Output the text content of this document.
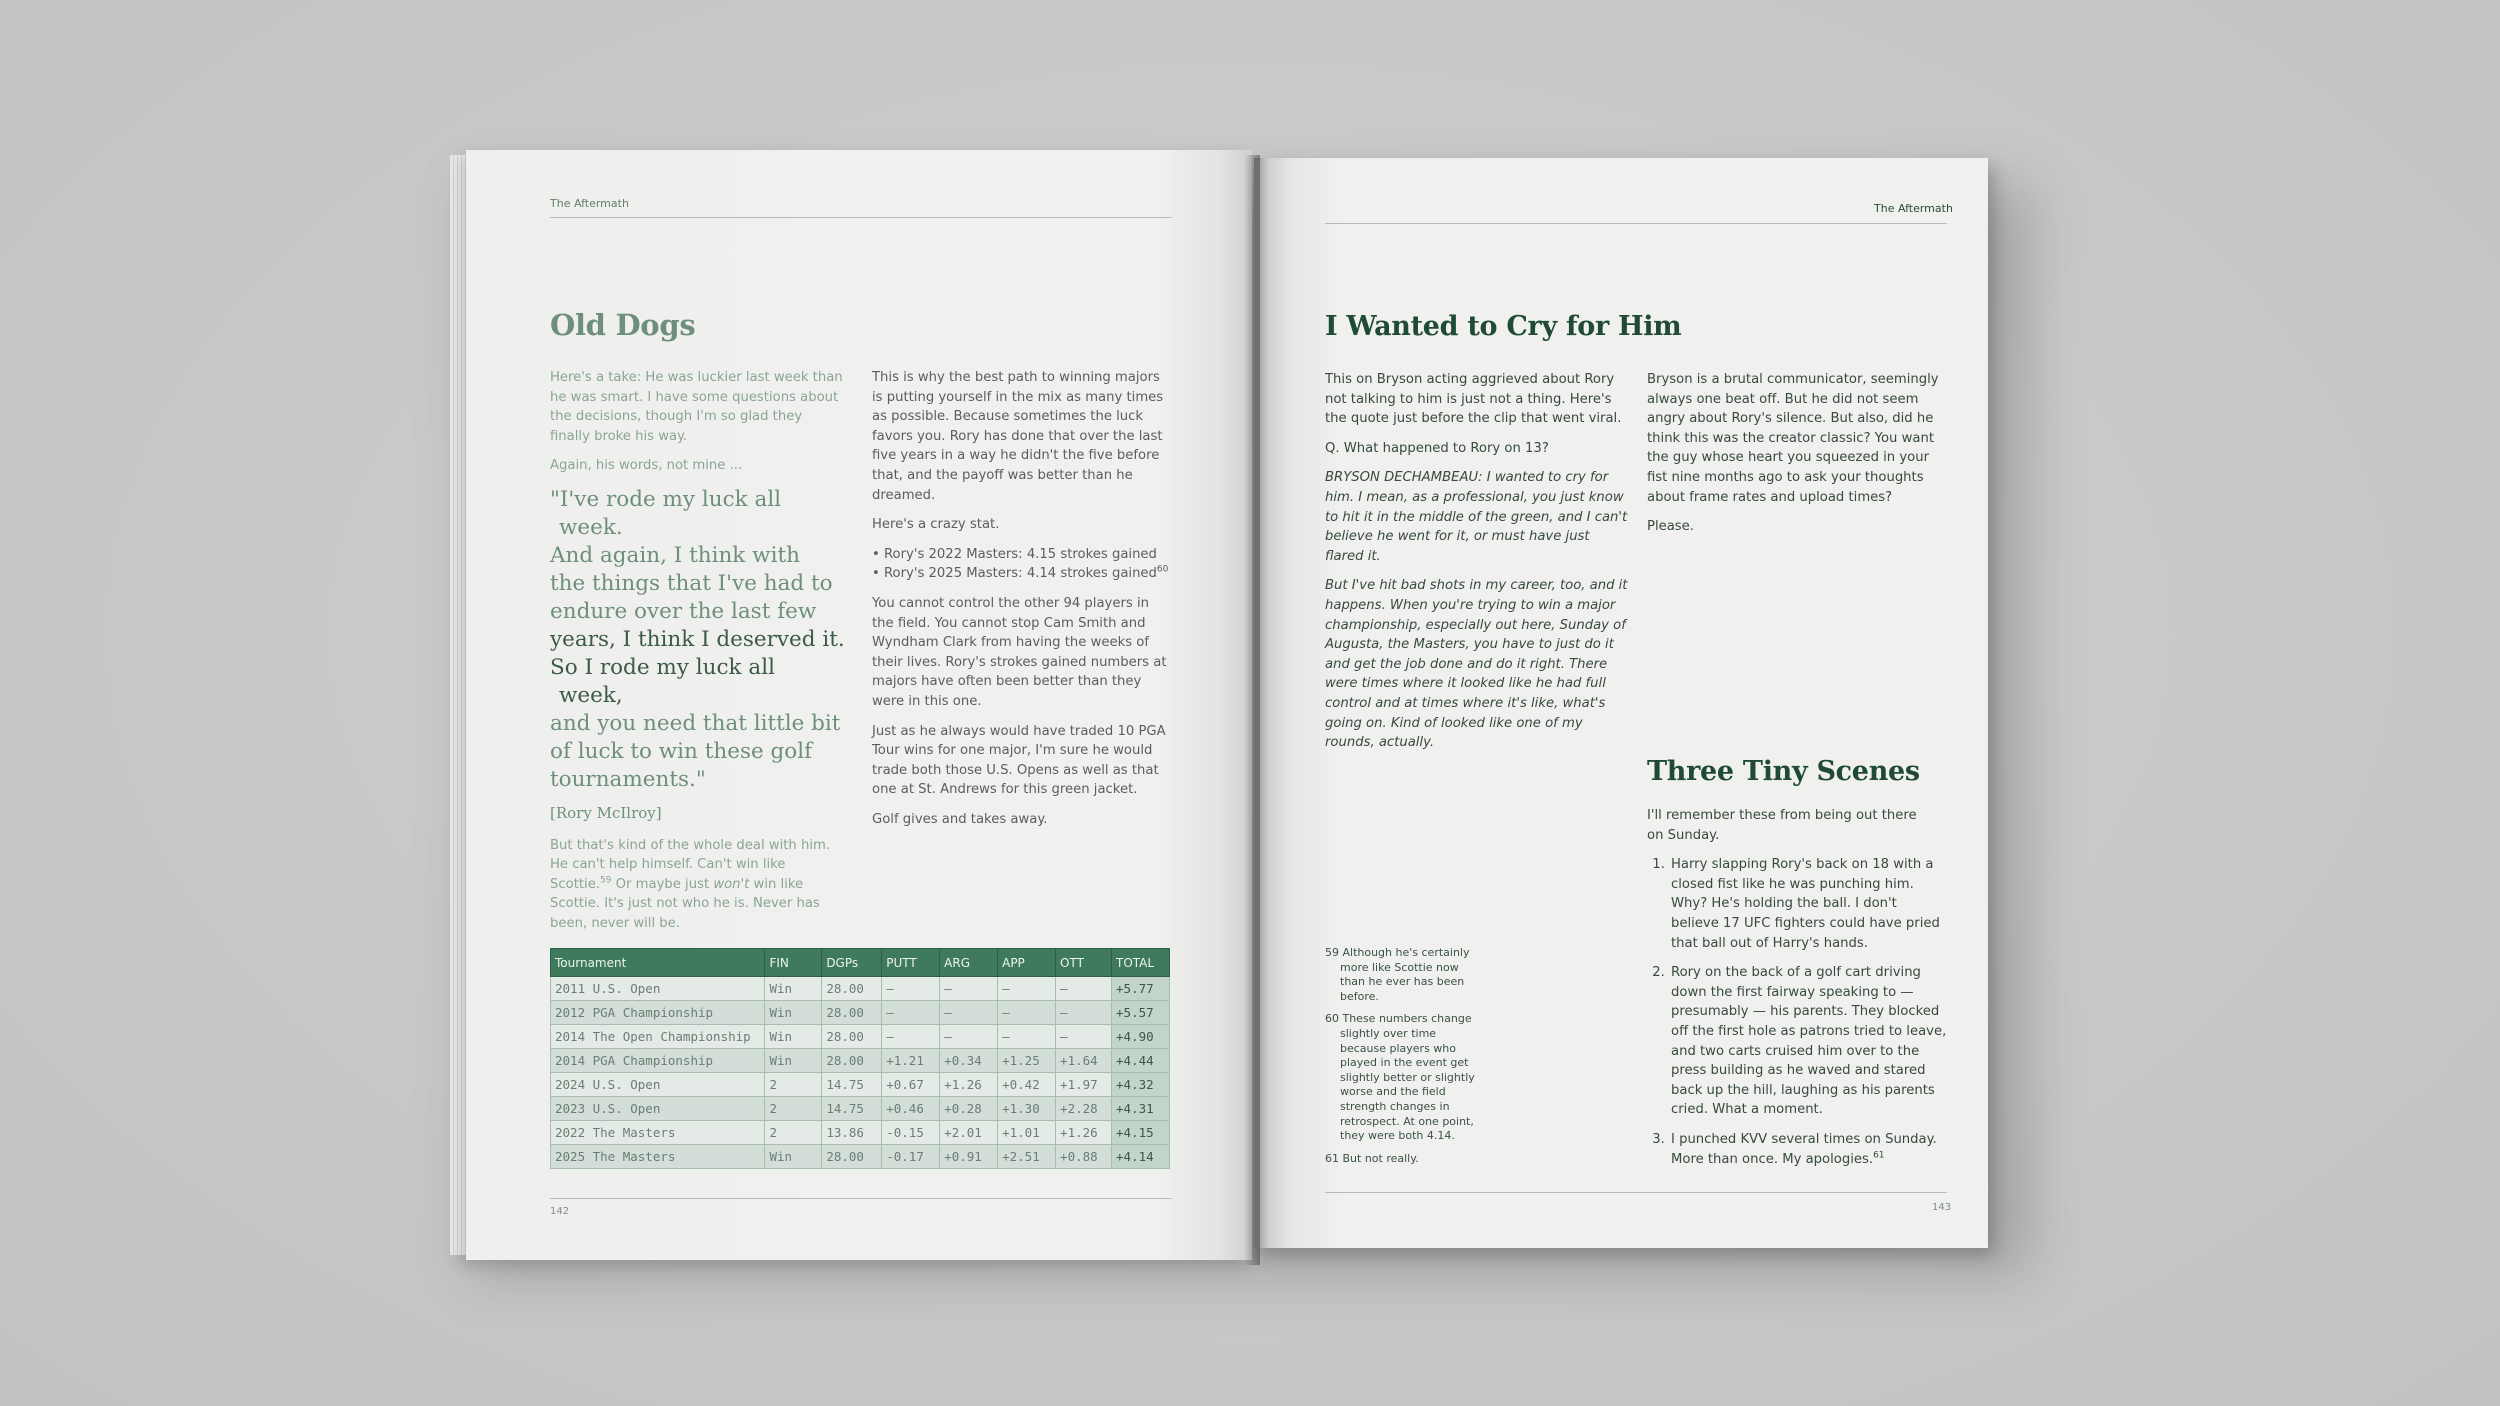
The Aftermath
Old Dogs

Here's a take: He was luckier last week than he was smart. I have some questions about the decisions, though I'm so glad they finally broke his way.

Again, his words, not mine ...

"I've rode my luck all week.
And again, I think with
the things that I've had to
endure over the last few
years, I think I deserved it.
So I rode my luck all week,
and you need that little bit
of luck to win these golf
tournaments."

[Rory McIlroy]

But that's kind of the whole deal with him. He can't help himself. Can't win like Scottie.$^{59}$ Or maybe just won't win like Scottie. It's just not who he is. Never has been, never will be.

This is why the best path to winning majors is putting yourself in the mix as many times as possible. Because sometimes the luck favors you. Rory has done that over the last five years in a way he didn't the five before that, and the payoff was better than he dreamed.

Here's a crazy stat.

• Rory's 2022 Masters: 4.15 strokes gained

• Rory's 2025 Masters: 4.14 strokes gained$^{60}$

You cannot control the other 94 players in the field. You cannot stop Cam Smith and Wyndham Clark from having the weeks of their lives. Rory's strokes gained numbers at majors have often been better than they were in this one.

Just as he always would have traded 10 PGA Tour wins for one major, I'm sure he would trade both those U.S. Opens as well as that one at St. Andrews for this green jacket.

Golf gives and takes away.

Tournament	FIN	DGPs	PUTT	ARG	APP	OTT	TOTAL
2011 U.S. Open	Win	28.00	–	–	–	–	+5.77
2012 PGA Championship	Win	28.00	–	–	–	–	+5.57
2014 The Open Championship	Win	28.00	–	–	–	–	+4.90
2014 PGA Championship	Win	28.00	+1.21	+0.34	+1.25	+1.64	+4.44
2024 U.S. Open	2	14.75	+0.67	+1.26	+0.42	+1.97	+4.32
2023 U.S. Open	2	14.75	+0.46	+0.28	+1.30	+2.28	+4.31
2022 The Masters	2	13.86	-0.15	+2.01	+1.01	+1.26	+4.15
2025 The Masters	Win	28.00	-0.17	+0.91	+2.51	+0.88	+4.14
142
The Aftermath
I Wanted to Cry for Him

This on Bryson acting aggrieved about Rory not talking to him is just not a thing. Here's the quote just before the clip that went viral.

Q. What happened to Rory on 13?

BRYSON DECHAMBEAU: I wanted to cry for him. I mean, as a professional, you just know to hit it in the middle of the green, and I can't believe he went for it, or must have just flared it.

But I've hit bad shots in my career, too, and it happens. When you're trying to win a major championship, especially out here, Sunday of Augusta, the Masters, you have to just do it and get the job done and do it right. There were times where it looked like he had full control and at times where it's like, what's going on. Kind of looked like one of my rounds, actually.

Bryson is a brutal communicator, seemingly always one beat off. But he did not seem angry about Rory's silence. But also, did he think this was the creator classic? You want the guy whose heart you squeezed in your fist nine months ago to ask your thoughts about frame rates and upload times?

Please.

Three Tiny Scenes

I'll remember these from being out there on Sunday.

1. Harry slapping Rory's back on 18 with a closed fist like he was punching him. Why? He's holding the ball. I don't believe 17 UFC fighters could have pried that ball out of Harry's hands.
2. Rory on the back of a golf cart driving down the first fairway speaking to — presumably — his parents. They blocked off the first hole as patrons tried to leave, and two carts cruised him over to the press building as he waved and stared back up the hill, laughing as his parents cried. What a moment.
3. I punched KVV several times on Sunday. More than once. My apologies.$^{61}$

59 Although he's certainly more like Scottie now than he ever has been before.

60 These numbers change slightly over time because players who played in the event get slightly better or slightly worse and the field strength changes in retrospect. At one point, they were both 4.14.

61 But not really.

143
